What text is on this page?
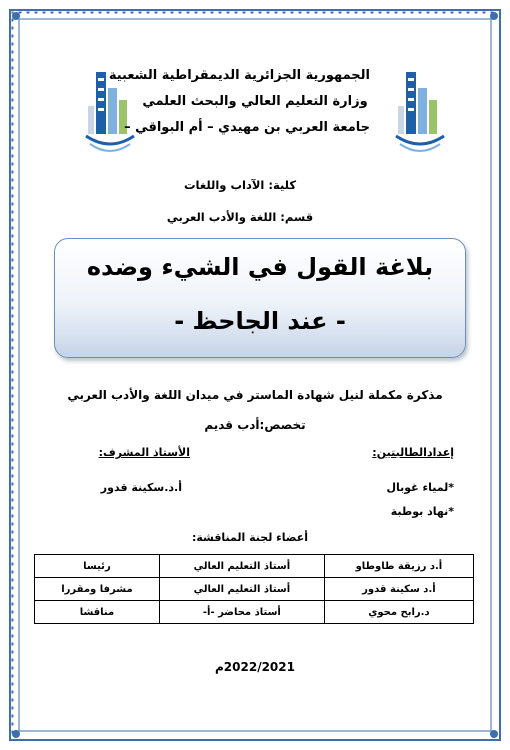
الجمهورية الجزائرية الديمقراطية الشعبية
وزارة التعليم العالي والبحث العلمي
جامعة العربي بن مهيدي – أم البواقي –
كلية: الآداب واللغات
قسم: اللغة والأدب العربي
بلاغة القول في الشيء وضده
- عند الجاحظ -
مذكرة مكملة لنيل شهادة الماستر في ميدان اللغة والأدب العربي
تخصص:أدب قديم
إعدادالطالبتين:
الأستاذ المشرف:
*لمياء غوبال
*نهاد بوطبة
أ.د.سكينة قدور
أعضاء لجنة المناقشة:
أ.د رزيقة طاوطاو	أستاذ التعليم العالي	رئيسا
أ.د سكينة قدور	أستاذ التعليم العالي	مشرفا ومقررا
د.رابح محوي	أستاذ محاضر -أ-	مناقشا
2022/2021م
